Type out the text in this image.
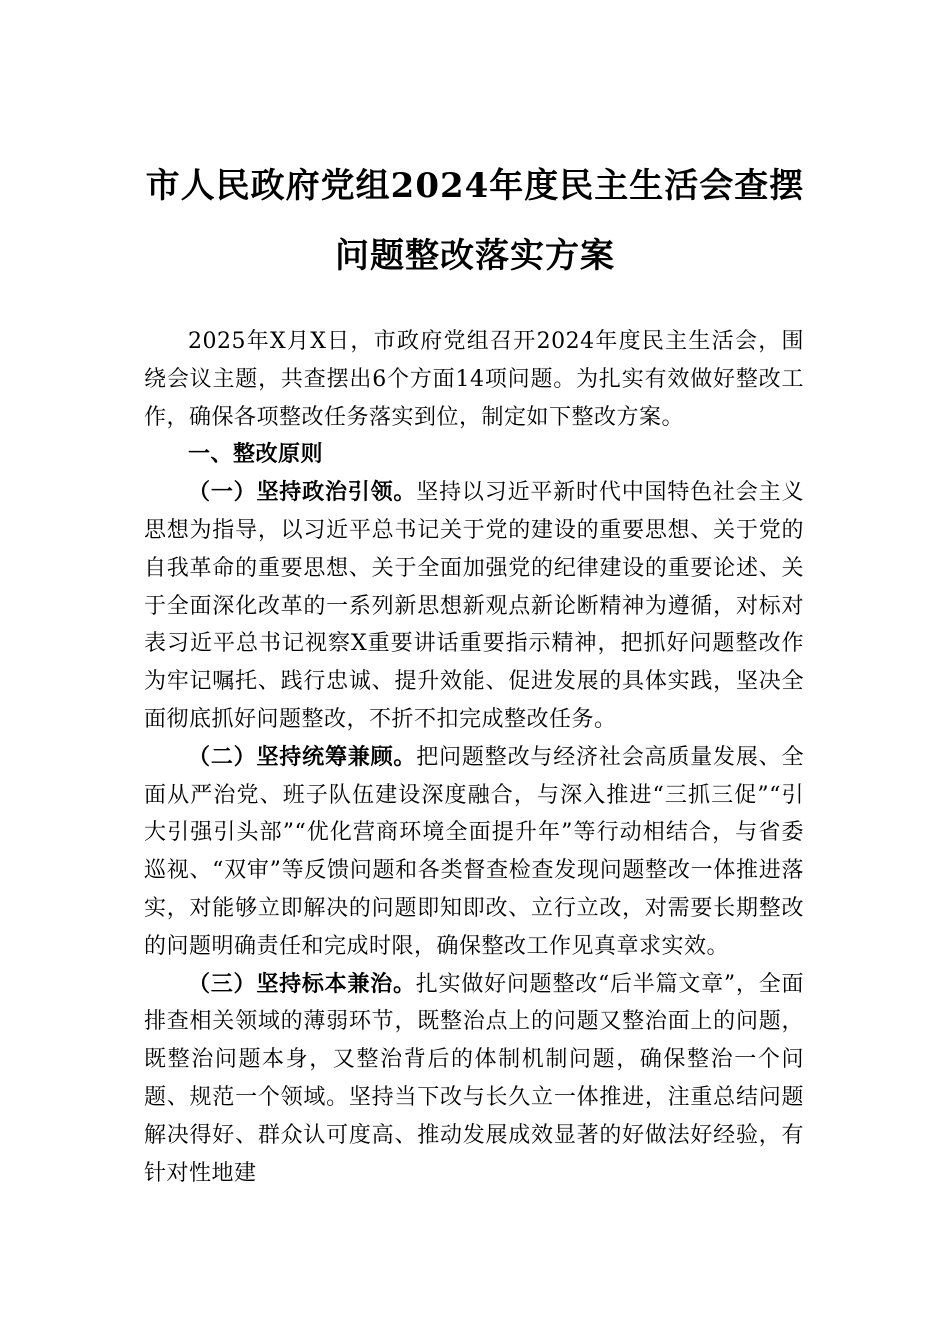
市人民政府党组2024年度民主生活会查摆
问题整改落实方案

2025年X月X日，市政府党组召开2024年度民主生活会，围绕会议主题，共查摆出6个方面14项问题。为扎实有效做好整改工作，确保各项整改任务落实到位，制定如下整改方案。

一、整改原则

（一）坚持政治引领。坚持以习近平新时代中国特色社会主义思想为指导，以习近平总书记关于党的建设的重要思想、关于党的自我革命的重要思想、关于全面加强党的纪律建设的重要论述、关于全面深化改革的一系列新思想新观点新论断精神为遵循，对标对表习近平总书记视察X重要讲话重要指示精神，把抓好问题整改作为牢记嘱托、践行忠诚、提升效能、促进发展的具体实践，坚决全面彻底抓好问题整改，不折不扣完成整改任务。

（二）坚持统筹兼顾。把问题整改与经济社会高质量发展、全面从严治党、班子队伍建设深度融合，与深入推进“三抓三促”“引大引强引头部”“优化营商环境全面提升年”等行动相结合，与省委巡视、“双审”等反馈问题和各类督查检查发现问题整改一体推进落实，对能够立即解决的问题即知即改、立行立改，对需要长期整改的问题明确责任和完成时限，确保整改工作见真章求实效。

（三）坚持标本兼治。扎实做好问题整改“后半篇文章”，全面排查相关领域的薄弱环节，既整治点上的问题又整治面上的问题，既整治问题本身，又整治背后的体制机制问题，确保整治一个问题、规范一个领域。坚持当下改与长久立一体推进，注重总结问题解决得好、群众认可度高、推动发展成效显著的好做法好经验，有针对性地建
